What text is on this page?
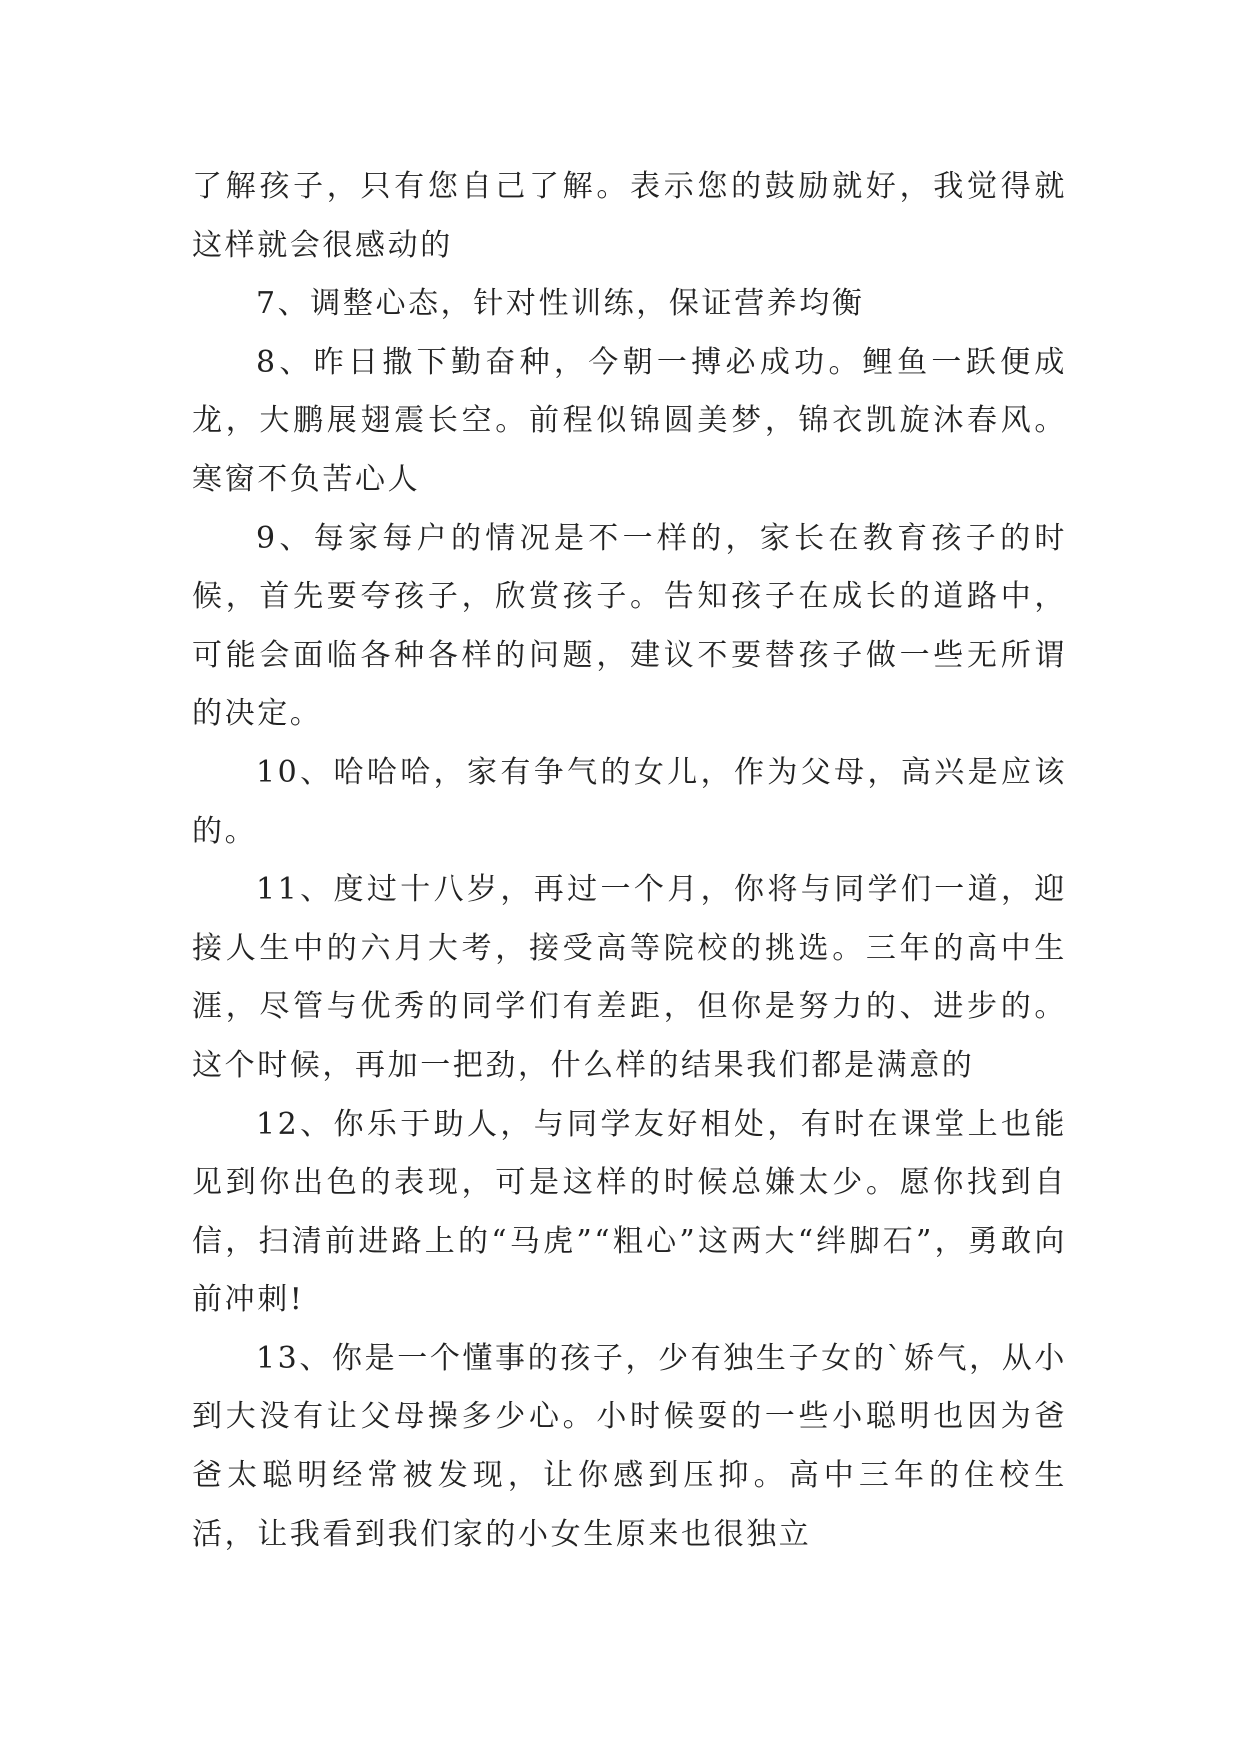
了解孩子，只有您自己了解。表示您的鼓励就好，我觉得就这样就会很感动的

7、调整心态，针对性训练，保证营养均衡

8、昨日撒下勤奋种，今朝一搏必成功。鲤鱼一跃便成龙，大鹏展翅震长空。前程似锦圆美梦，锦衣凯旋沐春风。寒窗不负苦心人

9、每家每户的情况是不一样的，家长在教育孩子的时候，首先要夸孩子，欣赏孩子。告知孩子在成长的道路中，可能会面临各种各样的问题，建议不要替孩子做一些无所谓的决定。

10、哈哈哈，家有争气的女儿，作为父母，高兴是应该的。

11、度过十八岁，再过一个月，你将与同学们一道，迎接人生中的六月大考，接受高等院校的挑选。三年的高中生涯，尽管与优秀的同学们有差距，但你是努力的、进步的。这个时候，再加一把劲，什么样的结果我们都是满意的

12、你乐于助人，与同学友好相处，有时在课堂上也能见到你出色的表现，可是这样的时候总嫌太少。愿你找到自信，扫清前进路上的“马虎”“粗心”这两大“绊脚石”，勇敢向前冲刺!

13、你是一个懂事的孩子，少有独生子女的`娇气，从小到大没有让父母操多少心。小时候耍的一些小聪明也因为爸爸太聪明经常被发现，让你感到压抑。高中三年的住校生活，让我看到我们家的小女生原来也很独立
